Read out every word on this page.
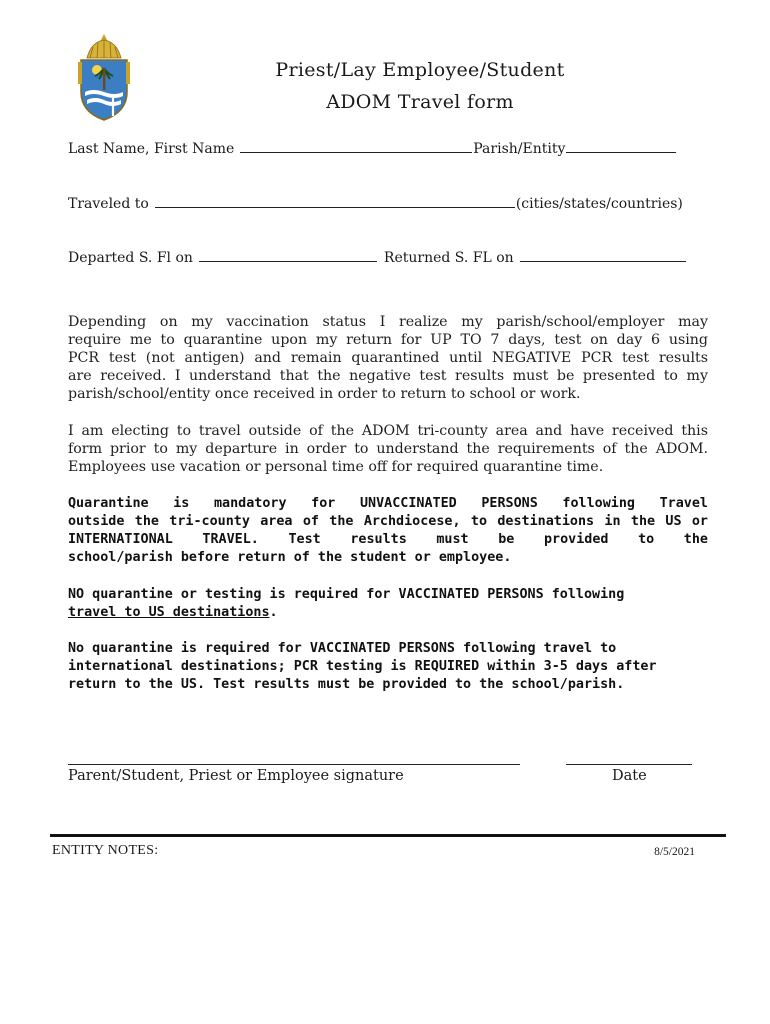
Priest/Lay Employee/Student
ADOM Travel form
Last Name, First Name	Parish/Entity
Traveled to	(cities/states/countries)
Departed S. Fl on	Returned S. FL on

Depending on my vaccination status I realize my parish/school/employer may
require me to quarantine upon my return for UP TO 7 days, test on day 6 using
PCR test (not antigen) and remain quarantined until NEGATIVE PCR test results
are received. I understand that the negative test results must be presented to my
parish/school/entity once received in order to return to school or work.

I am electing to travel outside of the ADOM tri-county area and have received this
form prior to my departure in order to understand the requirements of the ADOM.
Employees use vacation or personal time off for required quarantine time.

Quarantine is mandatory for UNVACCINATED PERSONS following Travel
outside the tri-county area of the Archdiocese, to destinations in the US or
INTERNATIONAL TRAVEL. Test results must be provided to the
school/parish before return of the student or employee.

NO quarantine or testing is required for VACCINATED PERSONS following
travel to US destinations.

No quarantine is required for VACCINATED PERSONS following travel to
international destinations; PCR testing is REQUIRED within 3-5 days after
return to the US. Test results must be provided to the school/parish.

Parent/Student, Priest or Employee signature	Date
ENTITY NOTES:	8/5/2021
